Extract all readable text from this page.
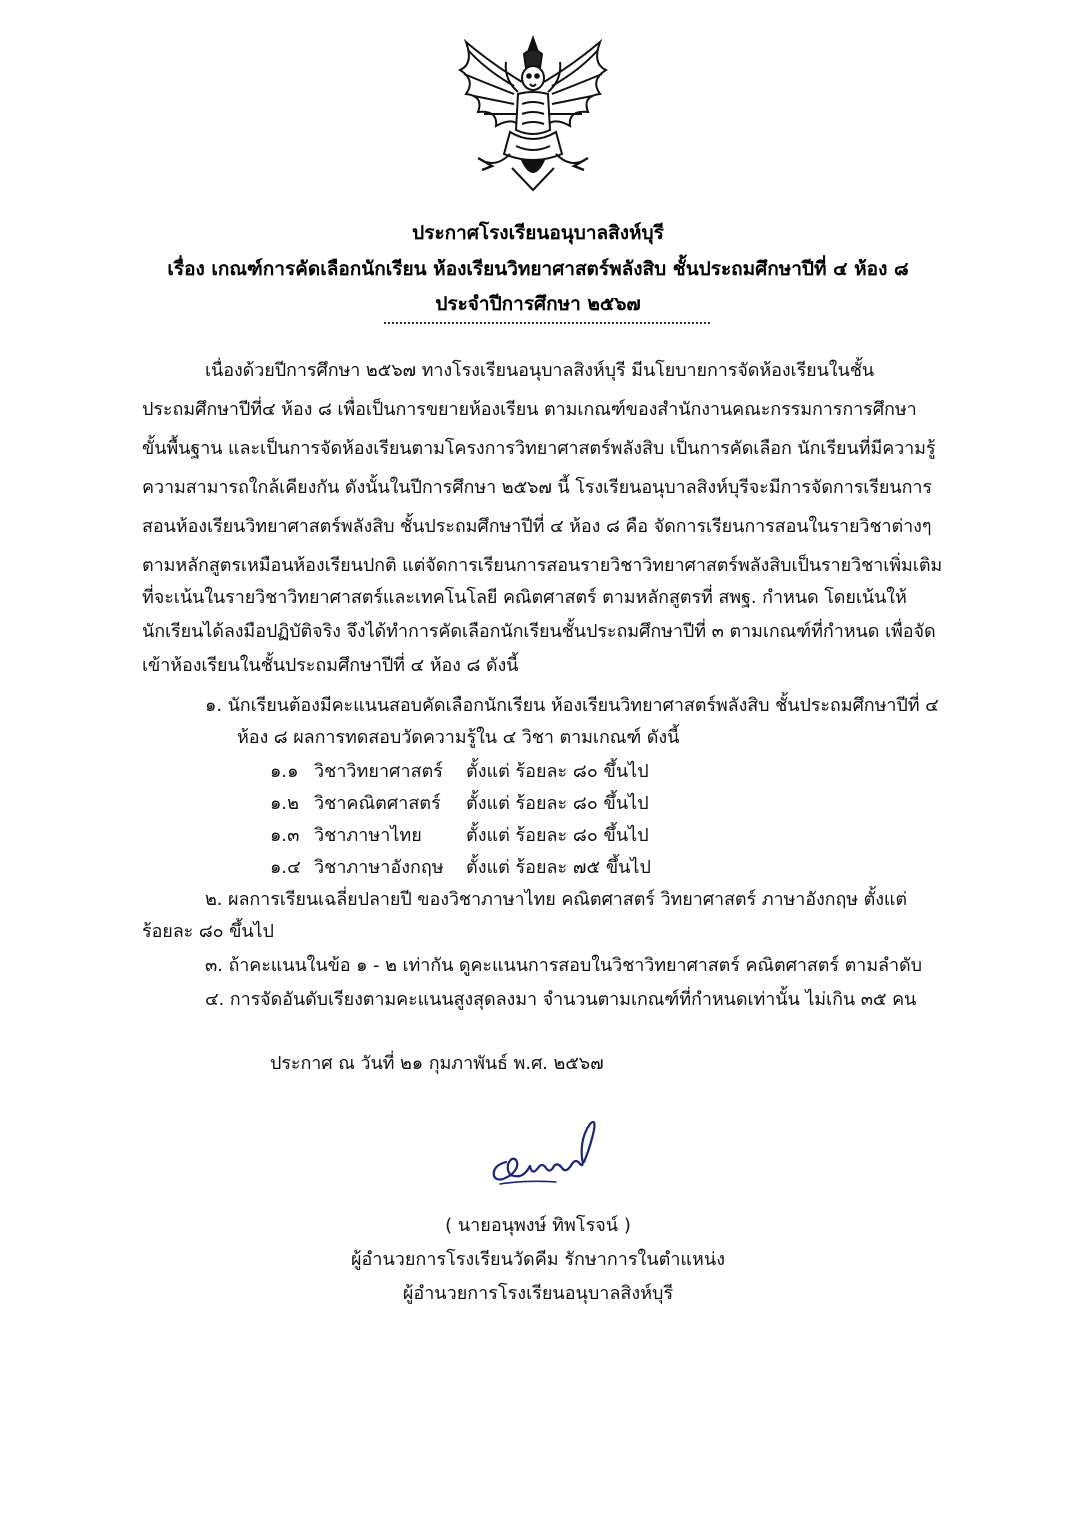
ประกาศโรงเรียนอนุบาลสิงห์บุรี
เรื่อง เกณฑ์การคัดเลือกนักเรียน ห้องเรียนวิทยาศาสตร์พลังสิบ ชั้นประถมศึกษาปีที่ ๔ ห้อง ๘
ประจำปีการศึกษา ๒๕๖๗
เนื่องด้วยปีการศึกษา ๒๕๖๗ ทางโรงเรียนอนุบาลสิงห์บุรี มีนโยบายการจัดห้องเรียนในชั้น
ประถมศึกษาปีที่๔ ห้อง ๘ เพื่อเป็นการขยายห้องเรียน ตามเกณฑ์ของสำนักงานคณะกรรมการการศึกษา
ขั้นพื้นฐาน และเป็นการจัดห้องเรียนตามโครงการวิทยาศาสตร์พลังสิบ เป็นการคัดเลือก นักเรียนที่มีความรู้
ความสามารถใกล้เคียงกัน ดังนั้นในปีการศึกษา ๒๕๖๗ นี้ โรงเรียนอนุบาลสิงห์บุรีจะมีการจัดการเรียนการ
สอนห้องเรียนวิทยาศาสตร์พลังสิบ ชั้นประถมศึกษาปีที่ ๔ ห้อง ๘ คือ จัดการเรียนการสอนในรายวิชาต่างๆ
ตามหลักสูตรเหมือนห้องเรียนปกติ แต่จัดการเรียนการสอนรายวิชาวิทยาศาสตร์พลังสิบเป็นรายวิชาเพิ่มเติม
ที่จะเน้นในรายวิชาวิทยาศาสตร์และเทคโนโลยี คณิตศาสตร์ ตามหลักสูตรที่ สพฐ. กำหนด โดยเน้นให้
นักเรียนได้ลงมือปฏิบัติจริง จึงได้ทำการคัดเลือกนักเรียนชั้นประถมศึกษาปีที่ ๓ ตามเกณฑ์ที่กำหนด เพื่อจัด
เข้าห้องเรียนในชั้นประถมศึกษาปีที่ ๔ ห้อง ๘ ดังนี้
๑. นักเรียนต้องมีคะแนนสอบคัดเลือกนักเรียน ห้องเรียนวิทยาศาสตร์พลังสิบ ชั้นประถมศึกษาปีที่ ๔
ห้อง ๘ ผลการทดสอบวัดความรู้ใน ๔ วิชา ตามเกณฑ์ ดังนี้
๑.๑ วิชาวิทยาศาสตร์ ตั้งแต่ ร้อยละ ๘๐ ขึ้นไป
๑.๒ วิชาคณิตศาสตร์ ตั้งแต่ ร้อยละ ๘๐ ขึ้นไป
๑.๓ วิชาภาษาไทย ตั้งแต่ ร้อยละ ๘๐ ขึ้นไป
๑.๔ วิชาภาษาอังกฤษ ตั้งแต่ ร้อยละ ๗๕ ขึ้นไป
๒. ผลการเรียนเฉลี่ยปลายปี ของวิชาภาษาไทย คณิตศาสตร์ วิทยาศาสตร์ ภาษาอังกฤษ ตั้งแต่
ร้อยละ ๘๐ ขึ้นไป
๓. ถ้าคะแนนในข้อ ๑ - ๒ เท่ากัน ดูคะแนนการสอบในวิชาวิทยาศาสตร์ คณิตศาสตร์ ตามลำดับ
๔. การจัดอันดับเรียงตามคะแนนสูงสุดลงมา จำนวนตามเกณฑ์ที่กำหนดเท่านั้น ไม่เกิน ๓๕ คน
ประกาศ ณ วันที่ ๒๑ กุมภาพันธ์ พ.ศ. ๒๕๖๗
( นายอนุพงษ์ ทิพโรจน์ )
ผู้อำนวยการโรงเรียนวัดคีม รักษาการในตำแหน่ง
ผู้อำนวยการโรงเรียนอนุบาลสิงห์บุรี
